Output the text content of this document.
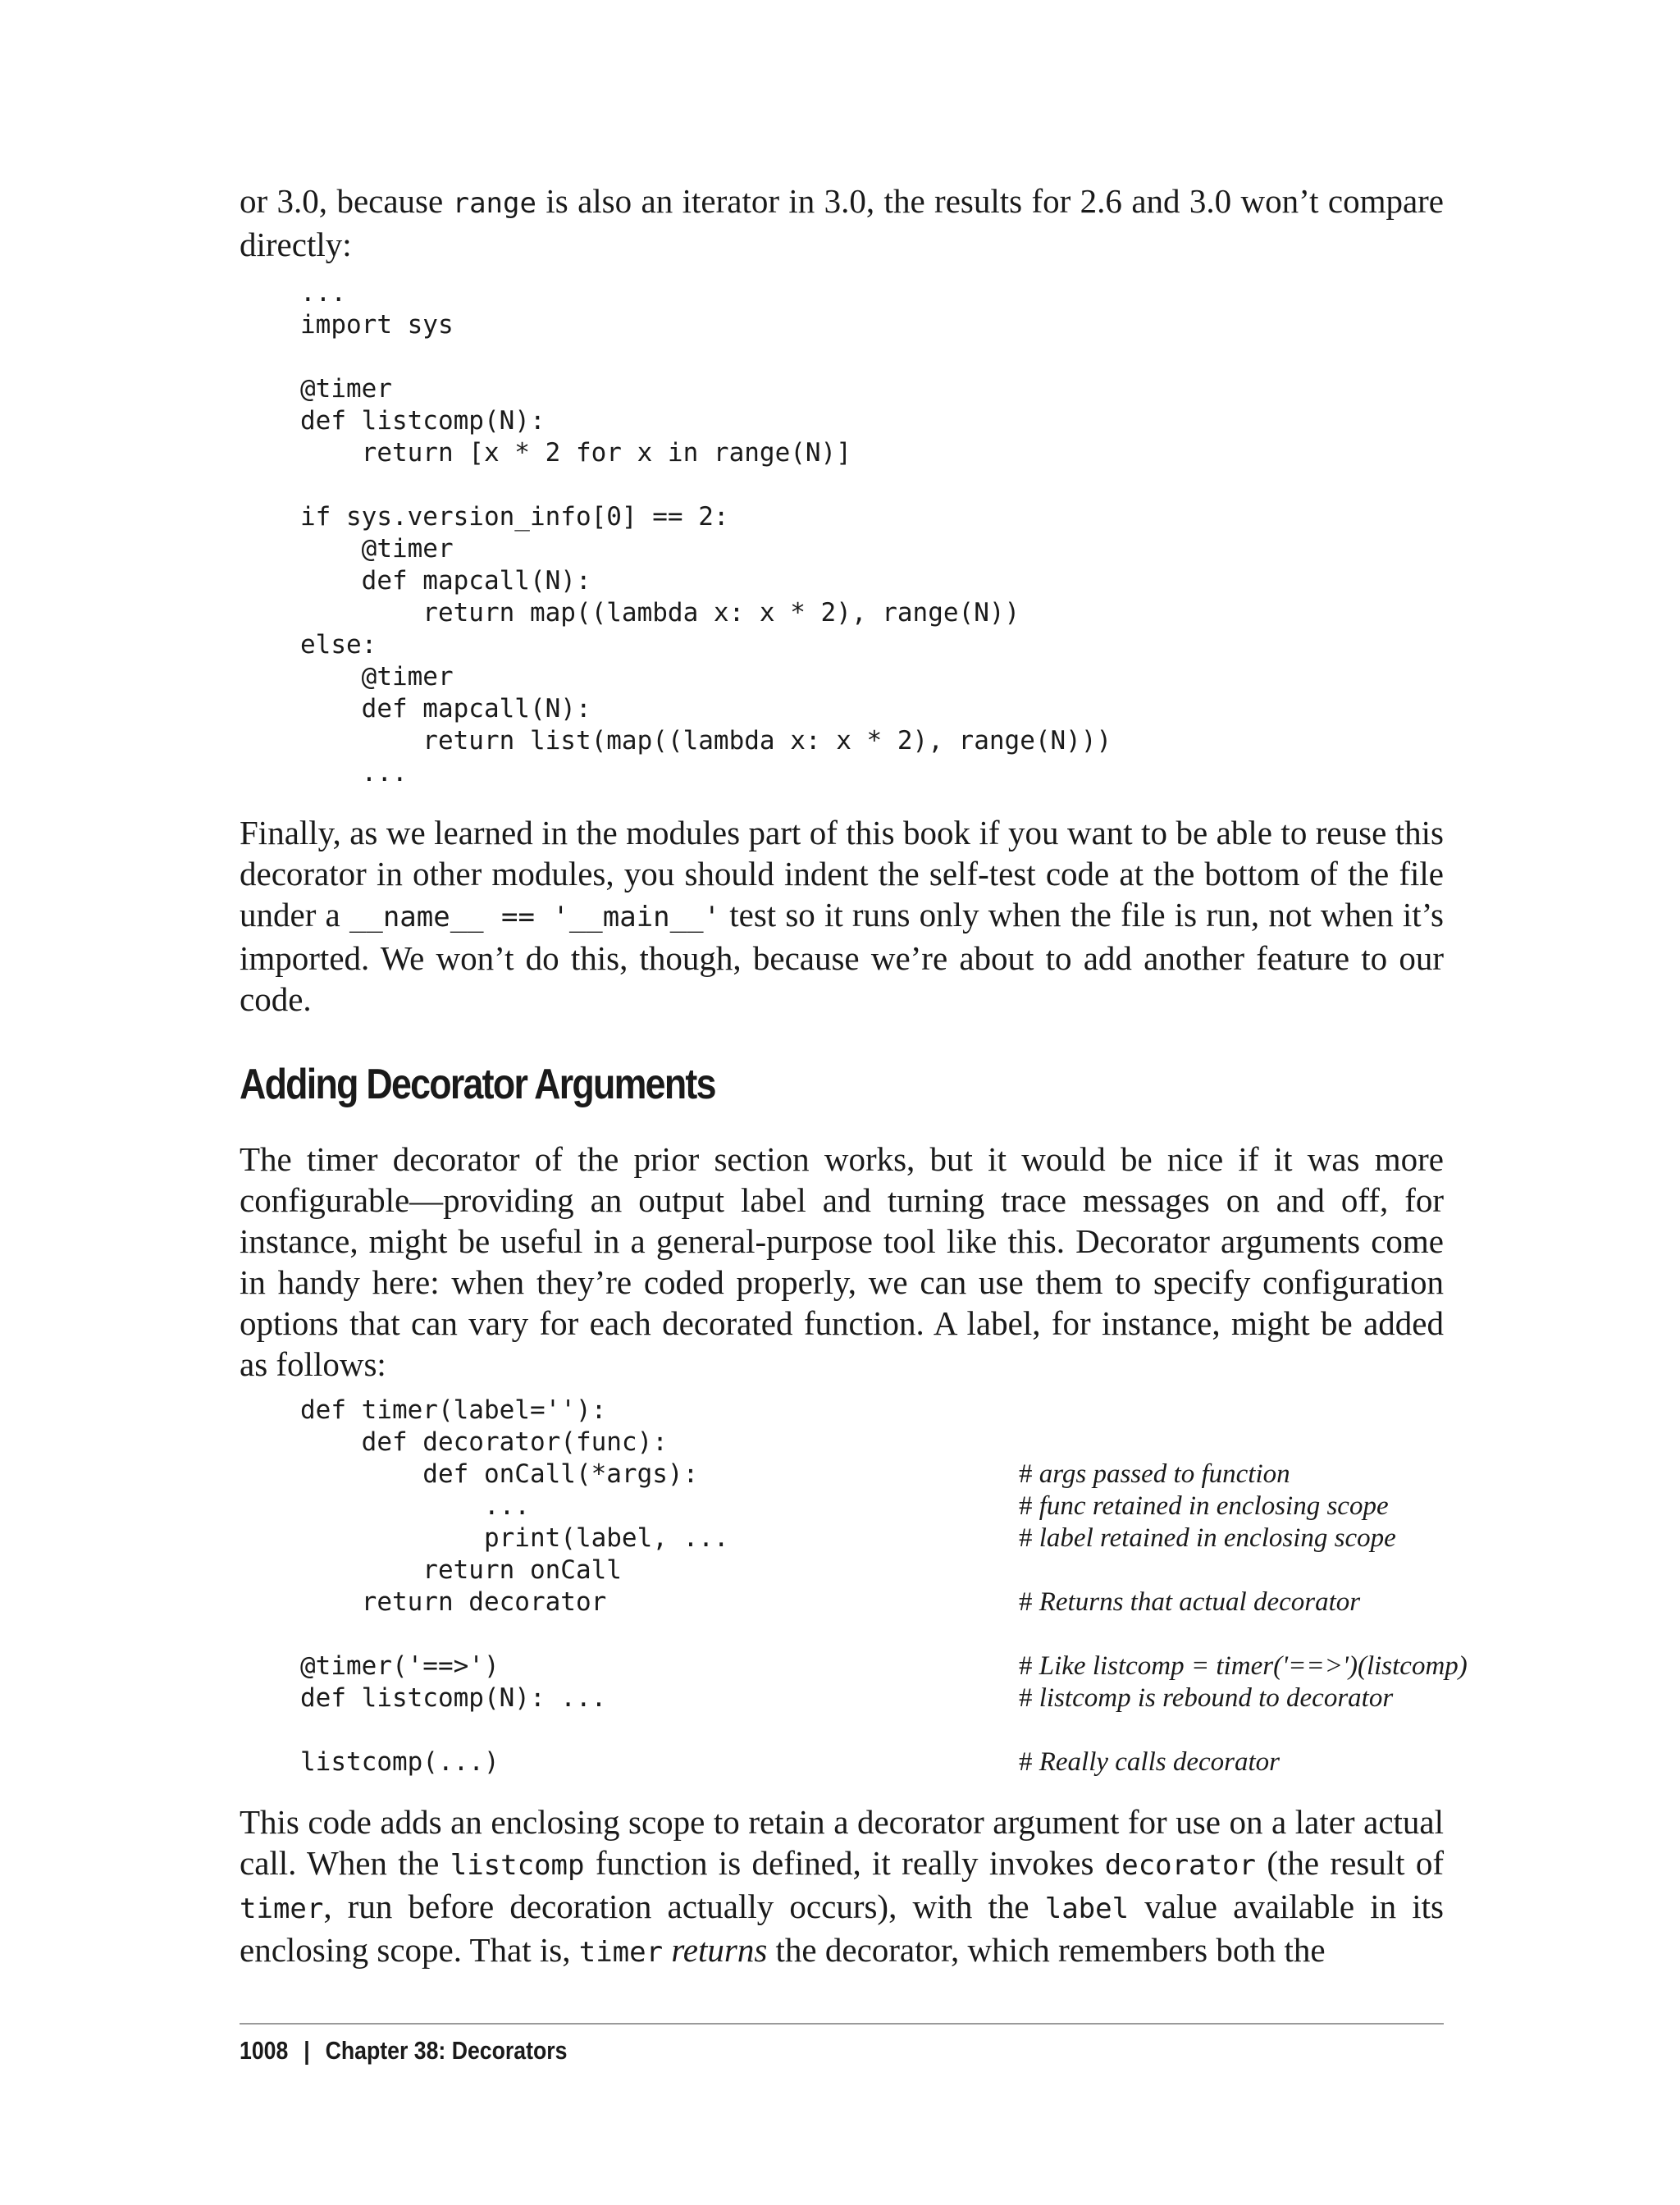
or 3.0, because range is also an iterator in 3.0, the results for 2.6 and 3.0 won’t compare directly:

...
import sys

@timer
def listcomp(N):
return [x * 2 for x in range(N)]

if sys.version_info[0] == 2:
@timer
def mapcall(N):
return map((lambda x: x * 2), range(N))
else:
@timer
def mapcall(N):
return list(map((lambda x: x * 2), range(N)))
...

Finally, as we learned in the modules part of this book if you want to be able to reuse this decorator in other modules, you should indent the self-test code at the bottom of the file under a __name__ == '__main__' test so it runs only when the file is run, not when it’s imported. We won’t do this, though, because we’re about to add another feature to our code.

Adding Decorator Arguments

The timer decorator of the prior section works, but it would be nice if it was more configurable—providing an output label and turning trace messages on and off, for instance, might be useful in a general-purpose tool like this. Decorator arguments come in handy here: when they’re coded properly, we can use them to specify configuration options that can vary for each decorated function. A label, for instance, might be added as follows:

def timer(label=''):
def decorator(func):
def onCall(*args):	# args passed to function
...	# func retained in enclosing scope
print(label, ...	# label retained in enclosing scope
return onCall
return decorator	# Returns that actual decorator
@timer('==>')	# Like listcomp = timer('==>')(listcomp)
def listcomp(N): ...	# listcomp is rebound to decorator
listcomp(...)	# Really calls decorator

This code adds an enclosing scope to retain a decorator argument for use on a later actual call. When the listcomp function is defined, it really invokes decorator (the result of timer, run before decoration actually occurs), with the label value available in its enclosing scope. That is, timer returns the decorator, which remembers both the

1008 | Chapter 38: Decorators
